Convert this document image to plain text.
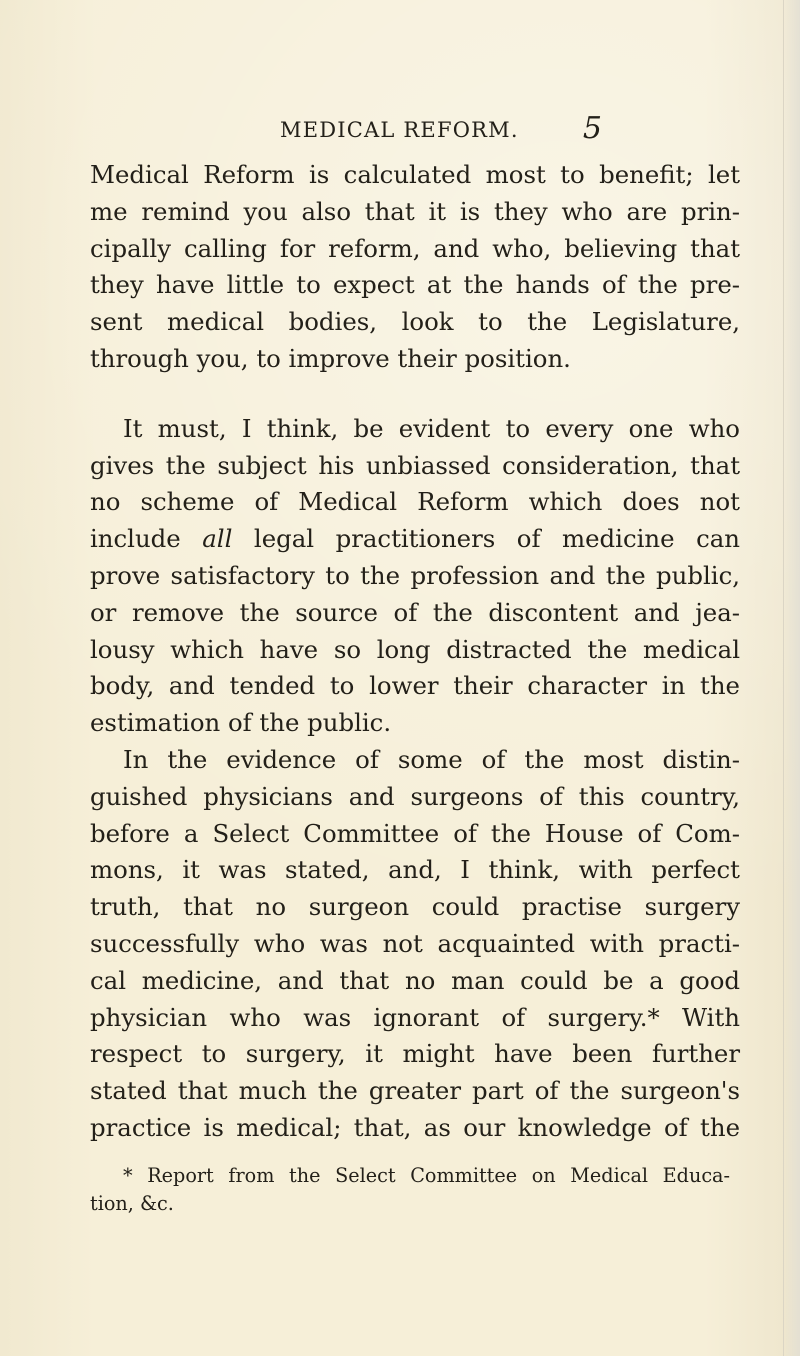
MEDICAL REFORM. 5
Medical Reform is calculated most to benefit; let
me remind you also that it is they who are prin-
cipally calling for reform, and who, believing that
they have little to expect at the hands of the pre-
sent medical bodies, look to the Legislature,
through you, to improve their position.
It must, I think, be evident to every one who
gives the subject his unbiassed consideration, that
no scheme of Medical Reform which does not
include all legal practitioners of medicine can
prove satisfactory to the profession and the public,
or remove the source of the discontent and jea-
lousy which have so long distracted the medical
body, and tended to lower their character in the
estimation of the public.
In the evidence of some of the most distin-
guished physicians and surgeons of this country,
before a Select Committee of the House of Com-
mons, it was stated, and, I think, with perfect
truth, that no surgeon could practise surgery
successfully who was not acquainted with practi-
cal medicine, and that no man could be a good
physician who was ignorant of surgery.* With
respect to surgery, it might have been further
stated that much the greater part of the surgeon's
practice is medical; that, as our knowledge of the
* Report from the Select Committee on Medical Educa-
tion, &c.
